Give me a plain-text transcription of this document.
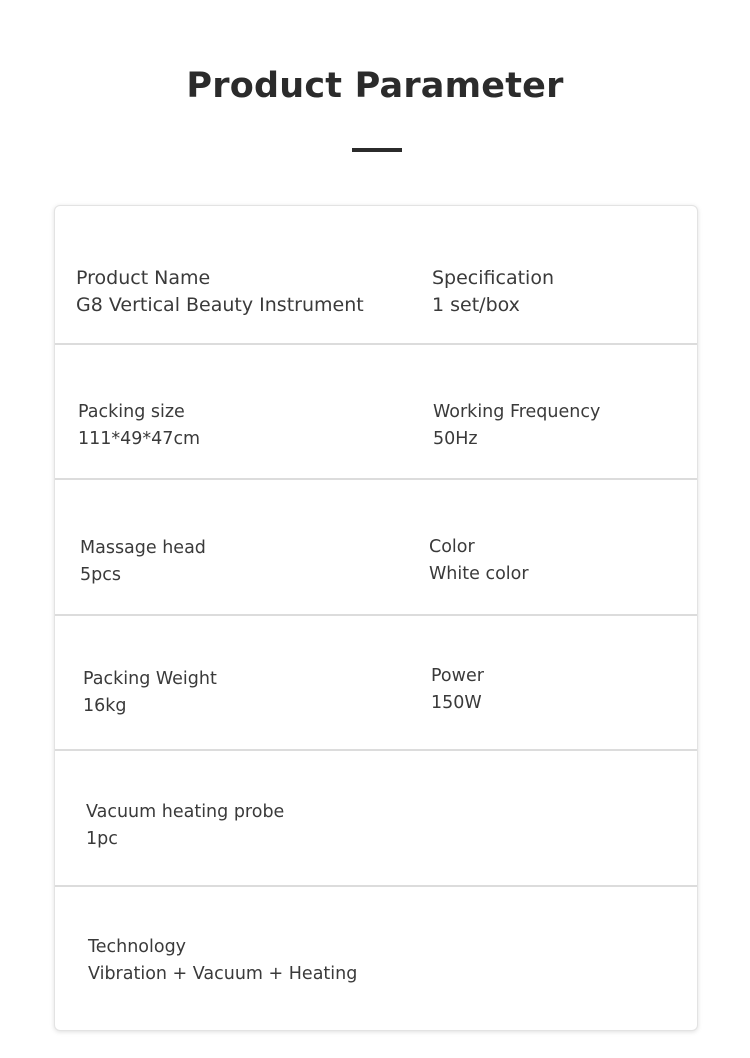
Product Parameter
Product Name
G8 Vertical Beauty Instrument
Specification
1 set/box
Packing size
111*49*47cm
Working Frequency
50Hz
Massage head
5pcs
Color
White color
Packing Weight
16kg
Power
150W
Vacuum heating probe
1pc
Technology
Vibration + Vacuum + Heating
